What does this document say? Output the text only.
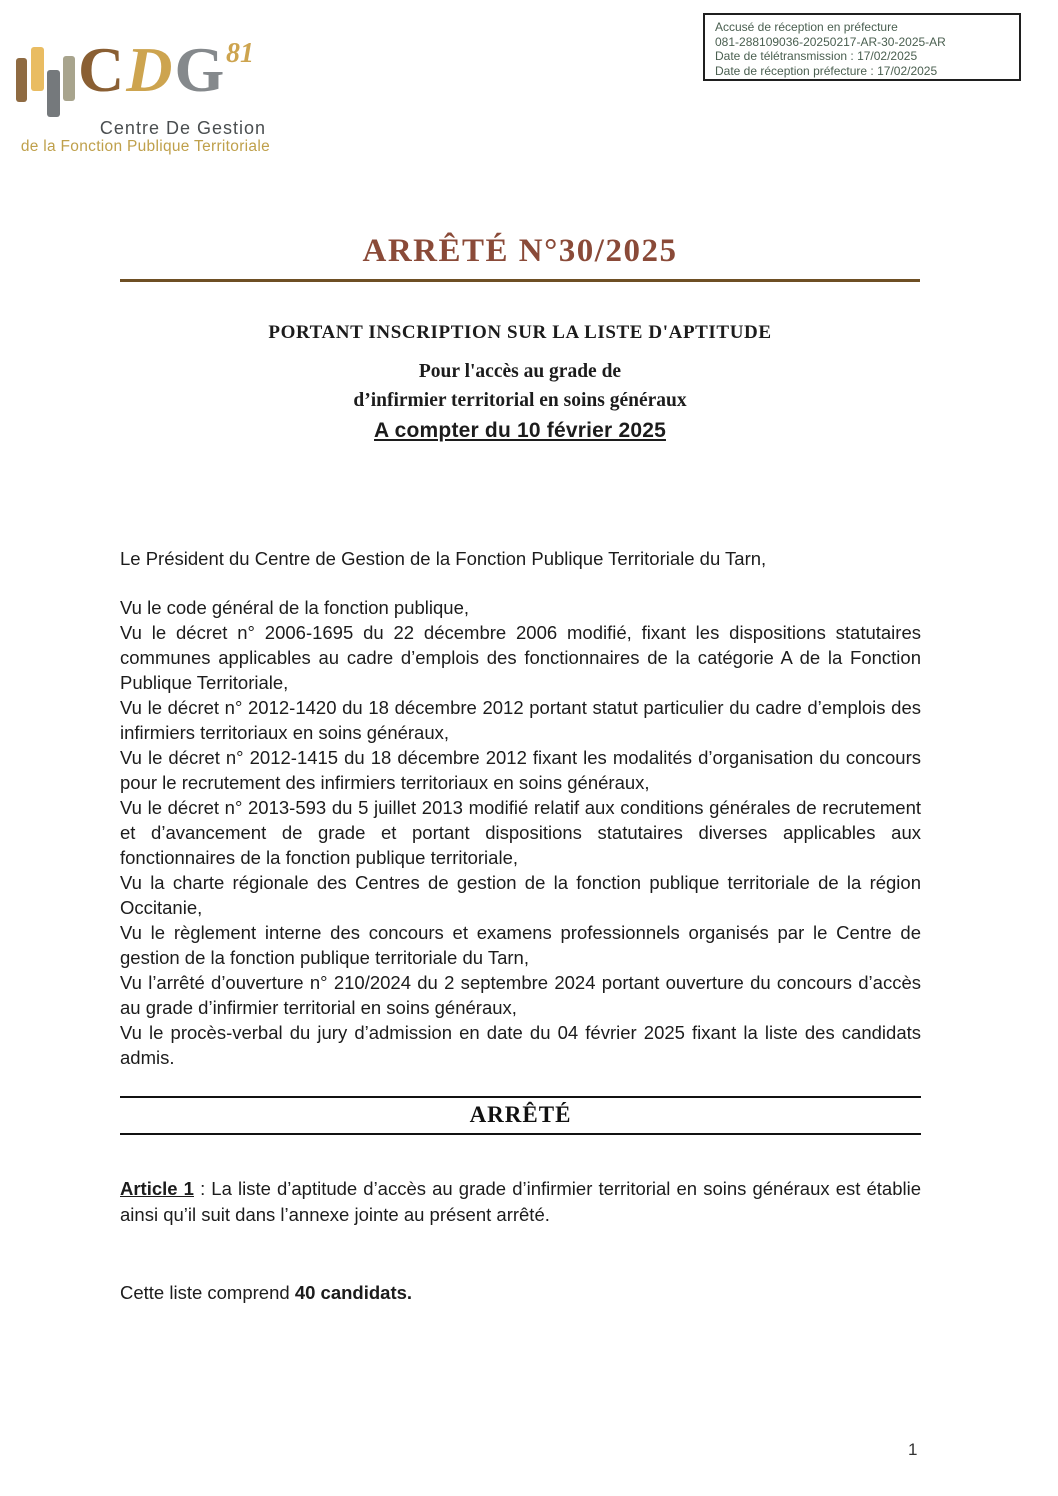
CDG 81
Centre De Gestion
de la Fonction Publique Territoriale
Accusé de réception en préfecture
081-288109036-20250217-AR-30-2025-AR
Date de télétransmission : 17/02/2025
Date de réception préfecture : 17/02/2025
ARRÊTÉ N°30/2025
PORTANT INSCRIPTION SUR LA LISTE D'APTITUDE
Pour l'accès au grade de
d’infirmier territorial en soins généraux
A compter du 10 février 2025

Le Président du Centre de Gestion de la Fonction Publique Territoriale du Tarn,

Vu le code général de la fonction publique,

Vu le décret n° 2006-1695 du 22 décembre 2006 modifié, fixant les dispositions statutaires communes applicables au cadre d’emplois des fonctionnaires de la catégorie A de la Fonction Publique Territoriale,

Vu le décret n° 2012-1420 du 18 décembre 2012 portant statut particulier du cadre d’emplois des infirmiers territoriaux en soins généraux,

Vu le décret n° 2012-1415 du 18 décembre 2012 fixant les modalités d’organisation du concours pour le recrutement des infirmiers territoriaux en soins généraux,

Vu le décret n° 2013-593 du 5 juillet 2013 modifié relatif aux conditions générales de recrutement et d’avancement de grade et portant dispositions statutaires diverses applicables aux fonctionnaires de la fonction publique territoriale,

Vu la charte régionale des Centres de gestion de la fonction publique territoriale de la région Occitanie,

Vu le règlement interne des concours et examens professionnels organisés par le Centre de gestion de la fonction publique territoriale du Tarn,

Vu l’arrêté d’ouverture n° 210/2024 du 2 septembre 2024 portant ouverture du concours d’accès au grade d’infirmier territorial en soins généraux,

Vu le procès-verbal du jury d’admission en date du 04 février 2025 fixant la liste des candidats admis.

ARRÊTÉ

Article 1 : La liste d’aptitude d’accès au grade d’infirmier territorial en soins généraux est établie ainsi qu’il suit dans l’annexe jointe au présent arrêté.

Cette liste comprend 40 candidats.

1
